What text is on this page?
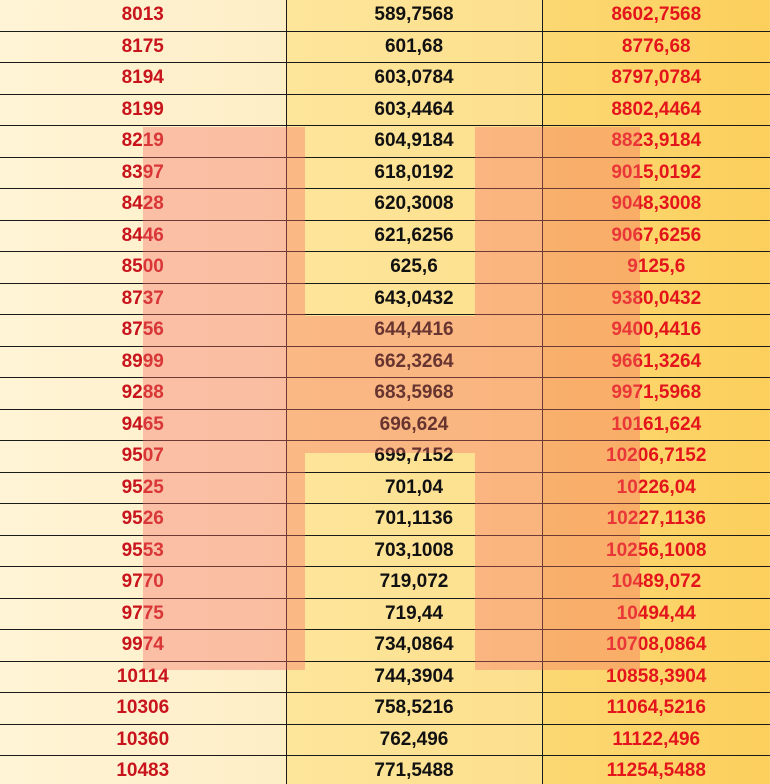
8013	589,7568	8602,7568
8175	601,68	8776,68
8194	603,0784	8797,0784
8199	603,4464	8802,4464
8219	604,9184	8823,9184
8397	618,0192	9015,0192
8428	620,3008	9048,3008
8446	621,6256	9067,6256
8500	625,6	9125,6
8737	643,0432	9380,0432
8756	644,4416	9400,4416
8999	662,3264	9661,3264
9288	683,5968	9971,5968
9465	696,624	10161,624
9507	699,7152	10206,7152
9525	701,04	10226,04
9526	701,1136	10227,1136
9553	703,1008	10256,1008
9770	719,072	10489,072
9775	719,44	10494,44
9974	734,0864	10708,0864
10114	744,3904	10858,3904
10306	758,5216	11064,5216
10360	762,496	11122,496
10483	771,5488	11254,5488
